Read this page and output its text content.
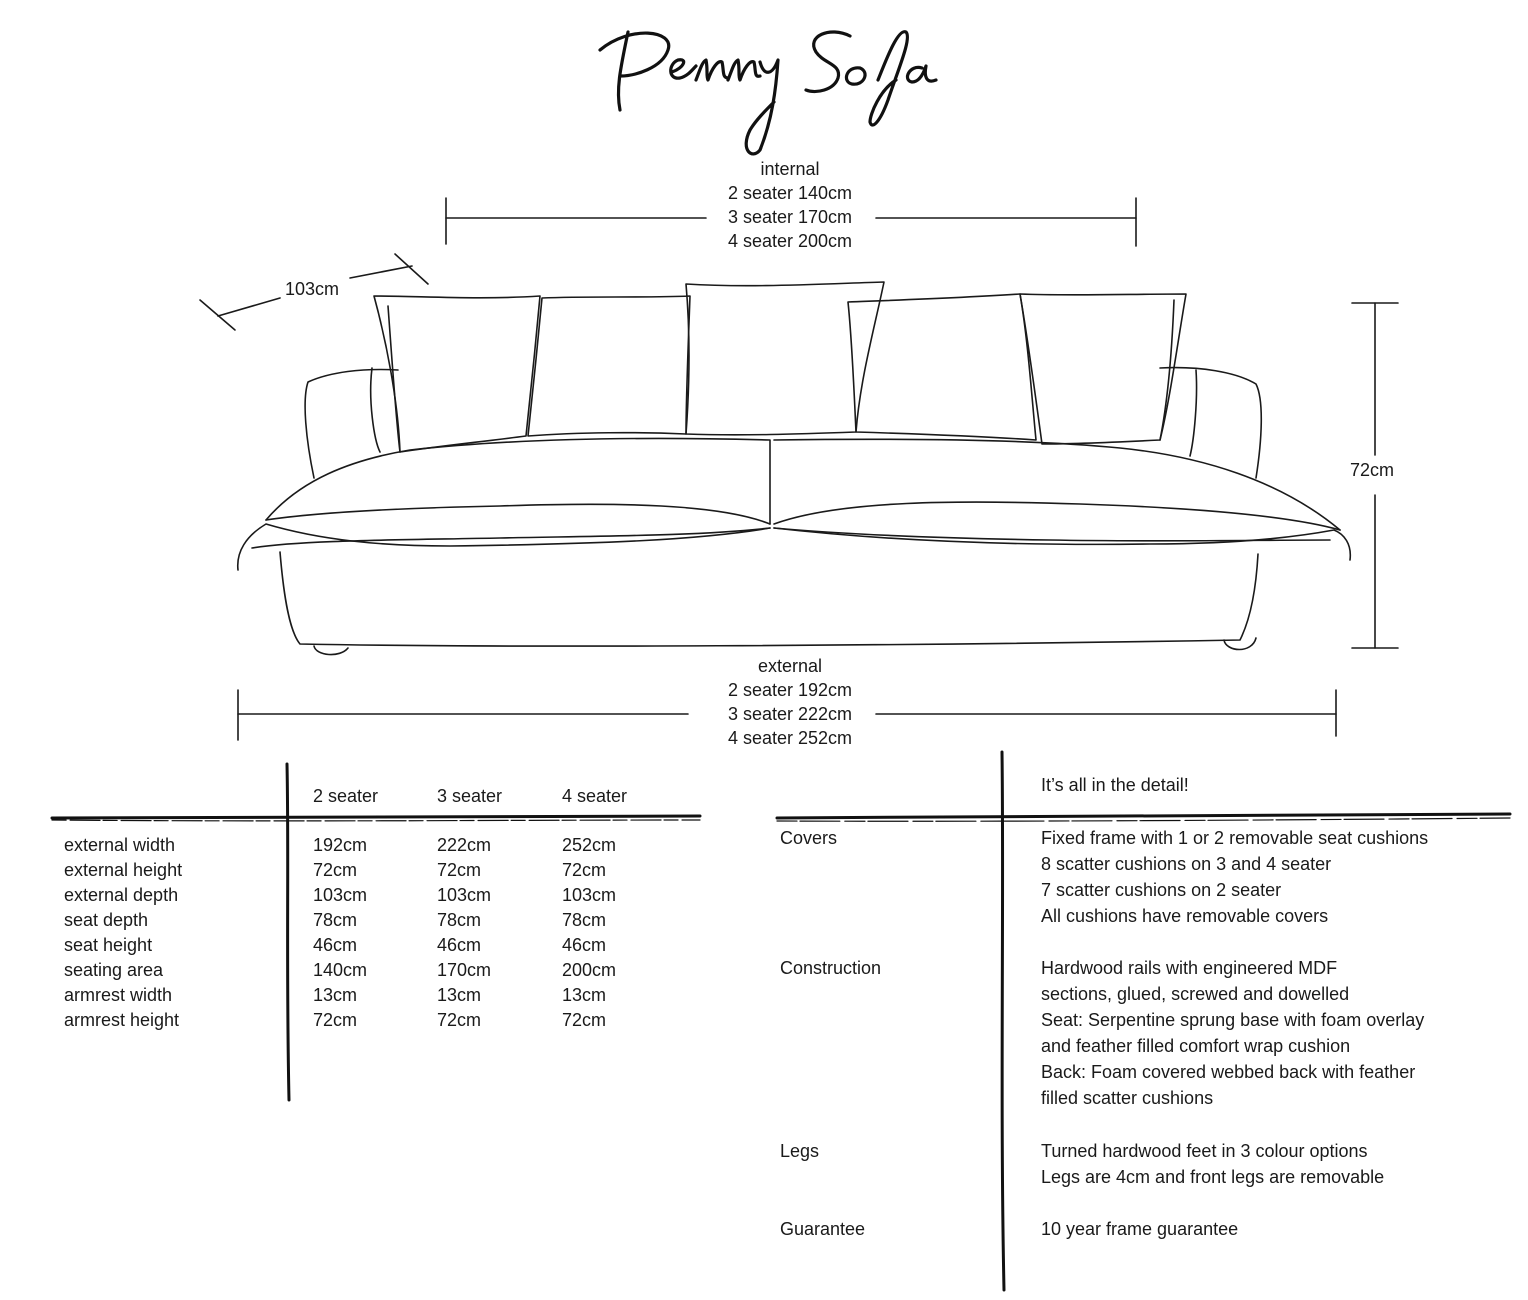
103cm
72cm
internal
2 seater 140cm
3 seater 170cm
4 seater 200cm
external
2 seater 192cm
3 seater 222cm
4 seater 252cm
2 seater	3 seater	4 seater
external width	192cm	222cm	252cm
external height	72cm	72cm	72cm
external depth	103cm	103cm	103cm
seat depth	78cm	78cm	78cm
seat height	46cm	46cm	46cm
seating area	140cm	170cm	200cm
armrest width	13cm	13cm	13cm
armrest height	72cm	72cm	72cm
It’s all in the detail!
Covers	Fixed frame with 1 or 2 removable seat cushions
8 scatter cushions on 3 and 4 seater
7 scatter cushions on 2 seater
All cushions have removable covers
Construction	Hardwood rails with engineered MDF
sections, glued, screwed and dowelled
Seat: Serpentine sprung base with foam overlay
and feather filled comfort wrap cushion
Back: Foam covered webbed back with feather
filled scatter cushions
Legs	Turned hardwood feet in 3 colour options
Legs are 4cm and front legs are removable
Guarantee	10 year frame guarantee
